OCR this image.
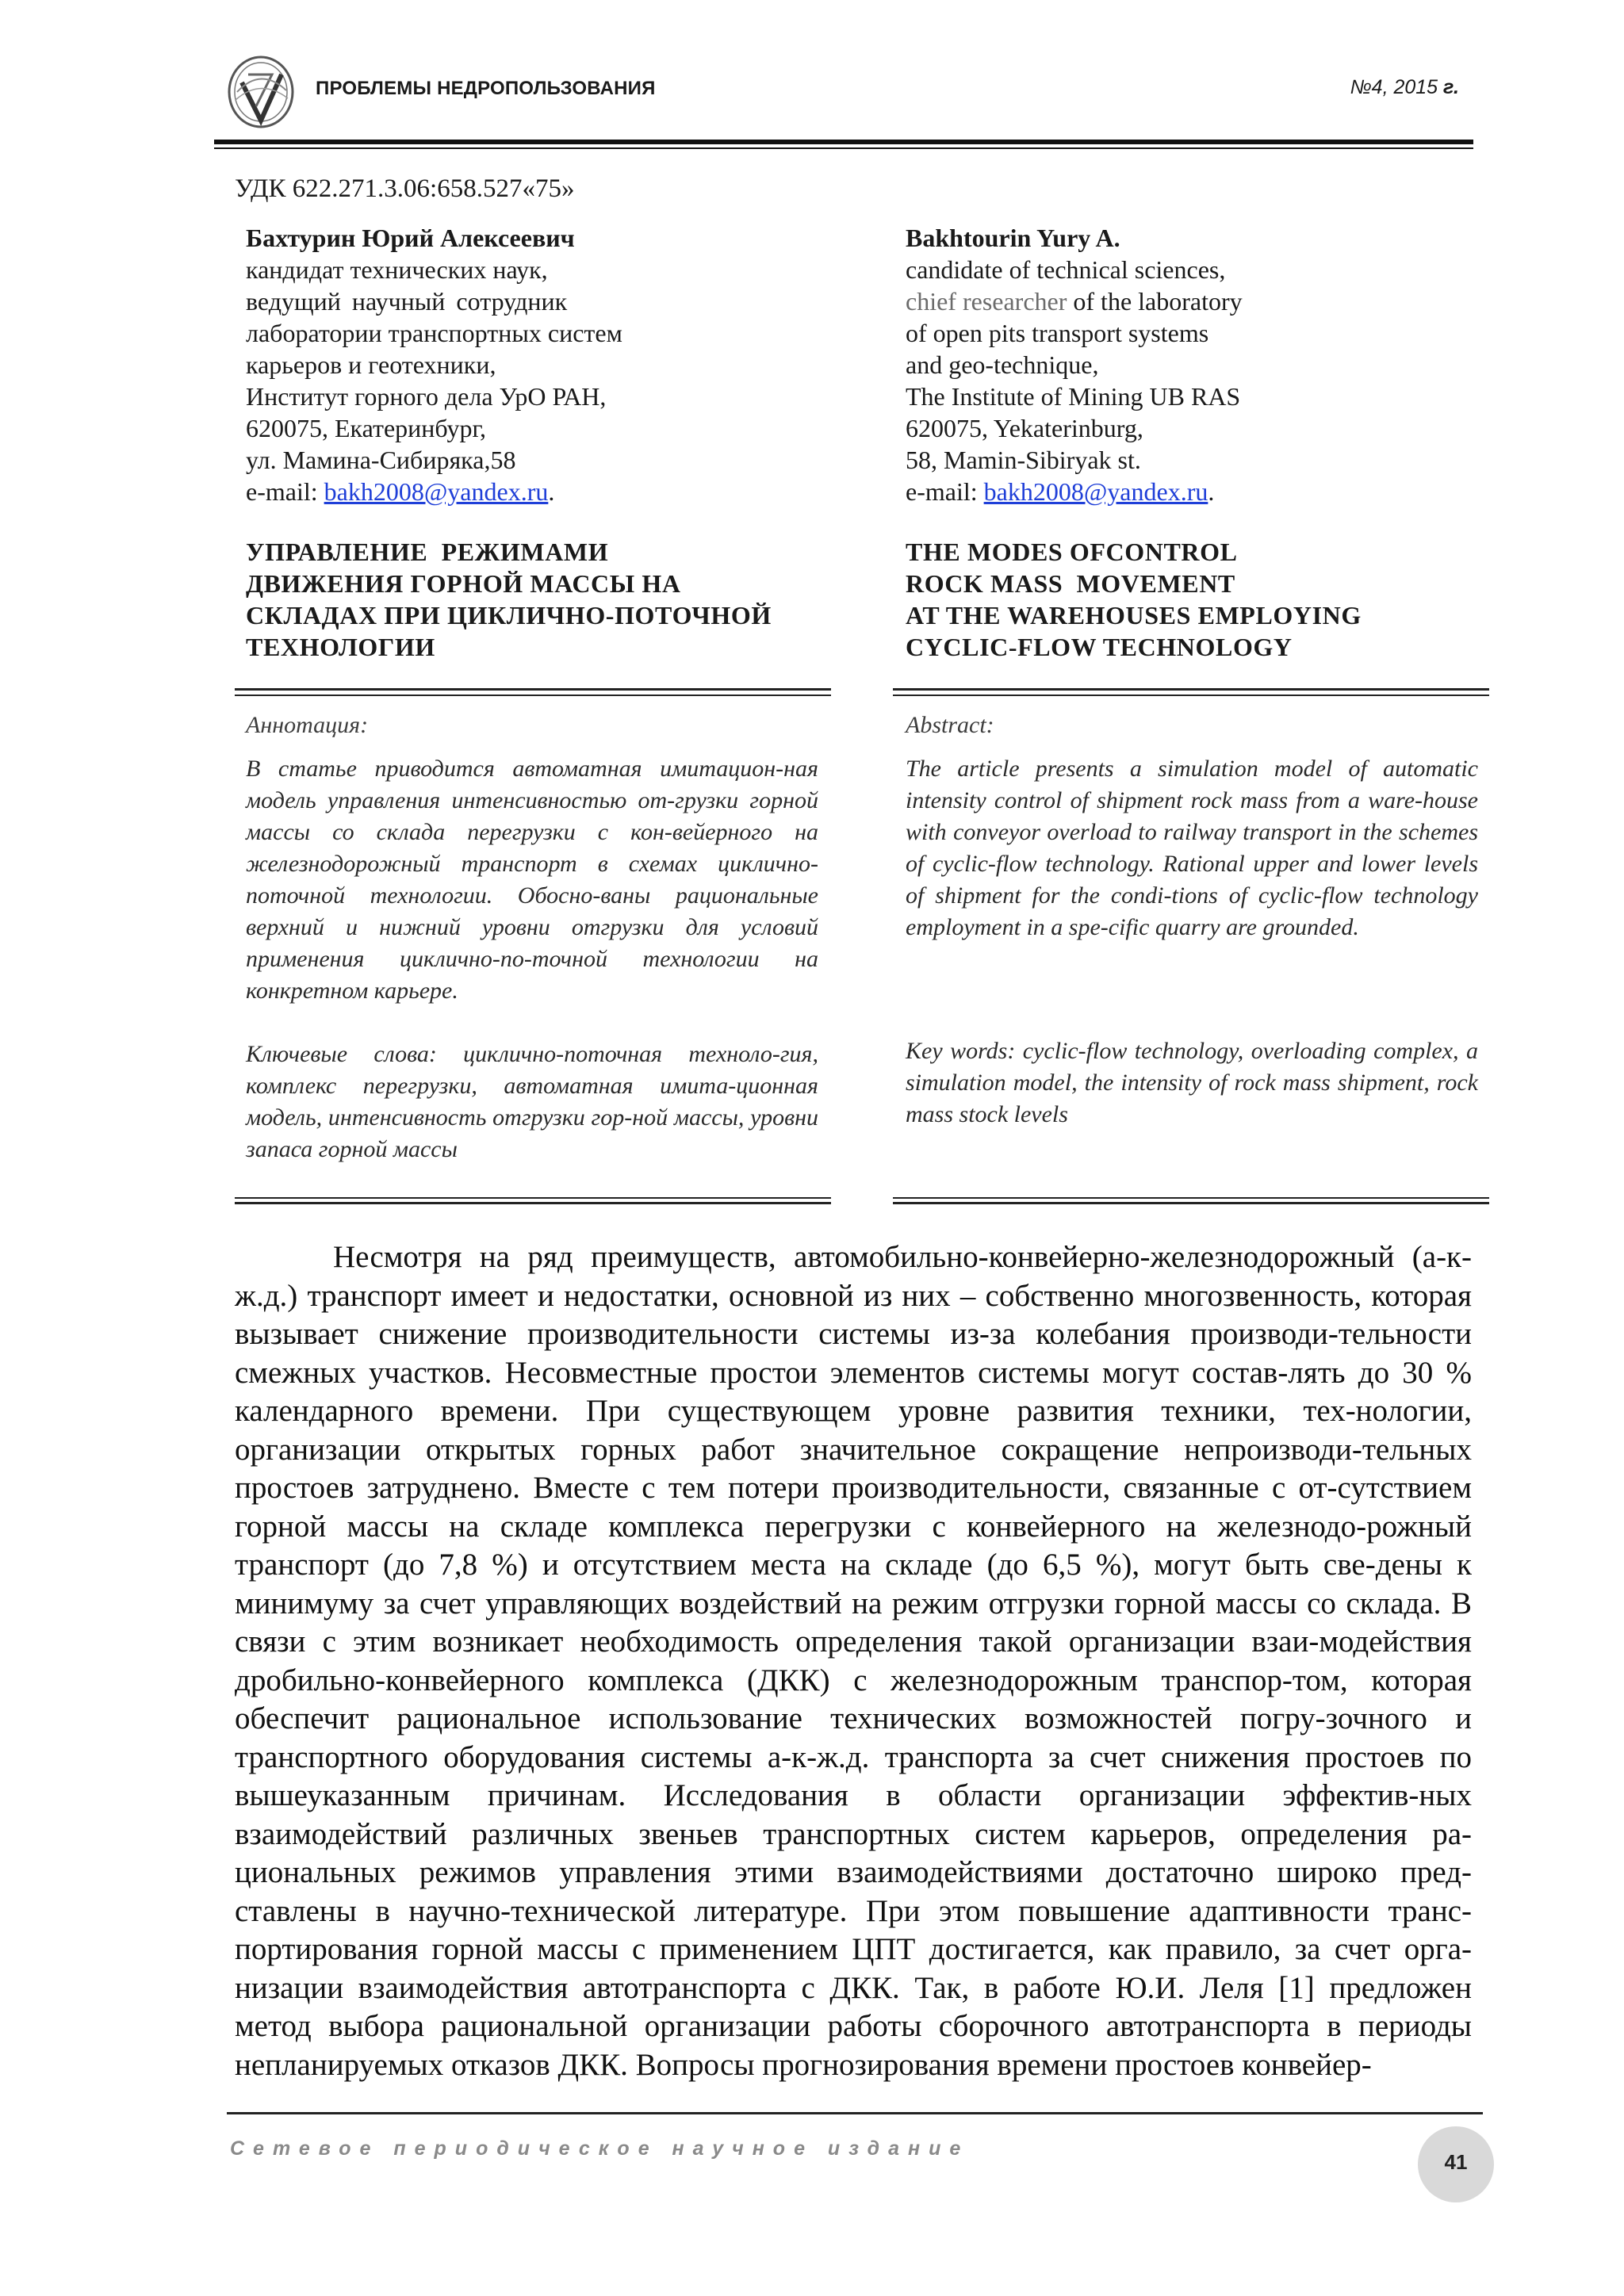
ПРОБЛЕМЫ НЕДРОПОЛЬЗОВАНИЯ	№4, 2015 г.
УДК 622.271.3.06:658.527«75»
Бахтурин Юрий Алексеевич
кандидат технических наук,
ведущий научный сотрудник
лаборатории транспортных систем
карьеров и геотехники,
Институт горного дела УрО РАН,
620075, Екатеринбург,
ул. Мамина-Сибиряка,58
e-mail: bakh2008@yandex.ru.
Bakhtourin Yury A.
candidate of technical sciences,
chief researcher of the laboratory
of open pits transport systems
and geo-technique,
The Institute of Mining UB RAS
620075, Yekaterinburg,
58, Mamin-Sibiryak st.
e-mail: bakh2008@yandex.ru.
УПРАВЛЕНИЕ  РЕЖИМАМИ
ДВИЖЕНИЯ ГОРНОЙ МАССЫ НА
СКЛАДАХ ПРИ ЦИКЛИЧНО-ПОТОЧНОЙ
ТЕХНОЛОГИИ
THE MODES OFCONTROL
ROCK MASS  MOVEMENT
AT THE WAREHOUSES EMPLOYING
CYCLIC-FLOW TECHNOLOGY
Аннотация:
В статье приводится автоматная имитацион-ная модель управления интенсивностью от-грузки горной массы со склада перегрузки с кон-вейерного на железнодорожный транспорт в схемах циклично-поточной технологии. Обосно-ваны рациональные верхний и нижний уровни отгрузки для условий применения циклично-по-точной технологии на конкретном карьере.
Ключевые слова: циклично-поточная техноло-гия, комплекс перегрузки, автоматная имита-ционная модель, интенсивность отгрузки гор-ной массы, уровни запаса горной массы
Abstract:
The article presents a simulation model of automatic intensity control of shipment rock mass from a ware-house with conveyor overload to railway transport in the schemes of cyclic-flow technology. Rational upper and lower levels of shipment for the condi-tions of cyclic-flow technology employment in a spe-cific quarry are grounded.
Key words: cyclic-flow technology, overloading complex, a simulation model, the intensity of rock mass shipment, rock mass stock levels
Несмотря на ряд преимуществ, автомобильно-конвейерно-железнодорожный (а-к-ж.д.) транспорт имеет и недостатки, основной из них – собственно многозвенность, которая вызывает снижение производительности системы из-за колебания производи-тельности смежных участков. Несовместные простои элементов системы могут состав-лять до 30 % календарного времени. При существующем уровне развития техники, тех-нологии, организации открытых горных работ значительное сокращение непроизводи-тельных простоев затруднено. Вместе с тем потери производительности, связанные с от-сутствием горной массы на складе комплекса перегрузки с конвейерного на железнодо-рожный транспорт (до 7,8 %) и отсутствием места на складе (до 6,5 %), могут быть све-дены к минимуму за счет управляющих воздействий на режим отгрузки горной массы со склада. В связи с этим возникает необходимость определения такой организации взаи-модействия дробильно-конвейерного комплекса (ДКК) с железнодорожным транспор-том, которая обеспечит рациональное использование технических возможностей погру-зочного и транспортного оборудования системы а-к-ж.д. транспорта за счет снижения простоев по вышеуказанным причинам. Исследования в области организации эффектив-ных взаимодействий различных звеньев транспортных систем карьеров, определения ра-циональных режимов управления этими взаимодействиями достаточно широко пред-ставлены в научно-технической литературе. При этом повышение адаптивности транс-портирования горной массы с применением ЦПТ достигается, как правило, за счет орга-низации взаимодействия автотранспорта с ДКК. Так, в работе Ю.И. Леля [1] предложен метод выбора рациональной организации работы сборочного автотранспорта в периоды непланируемых отказов ДКК. Вопросы прогнозирования времени простоев конвейер-
Сетевое периодическое научное издание
41
